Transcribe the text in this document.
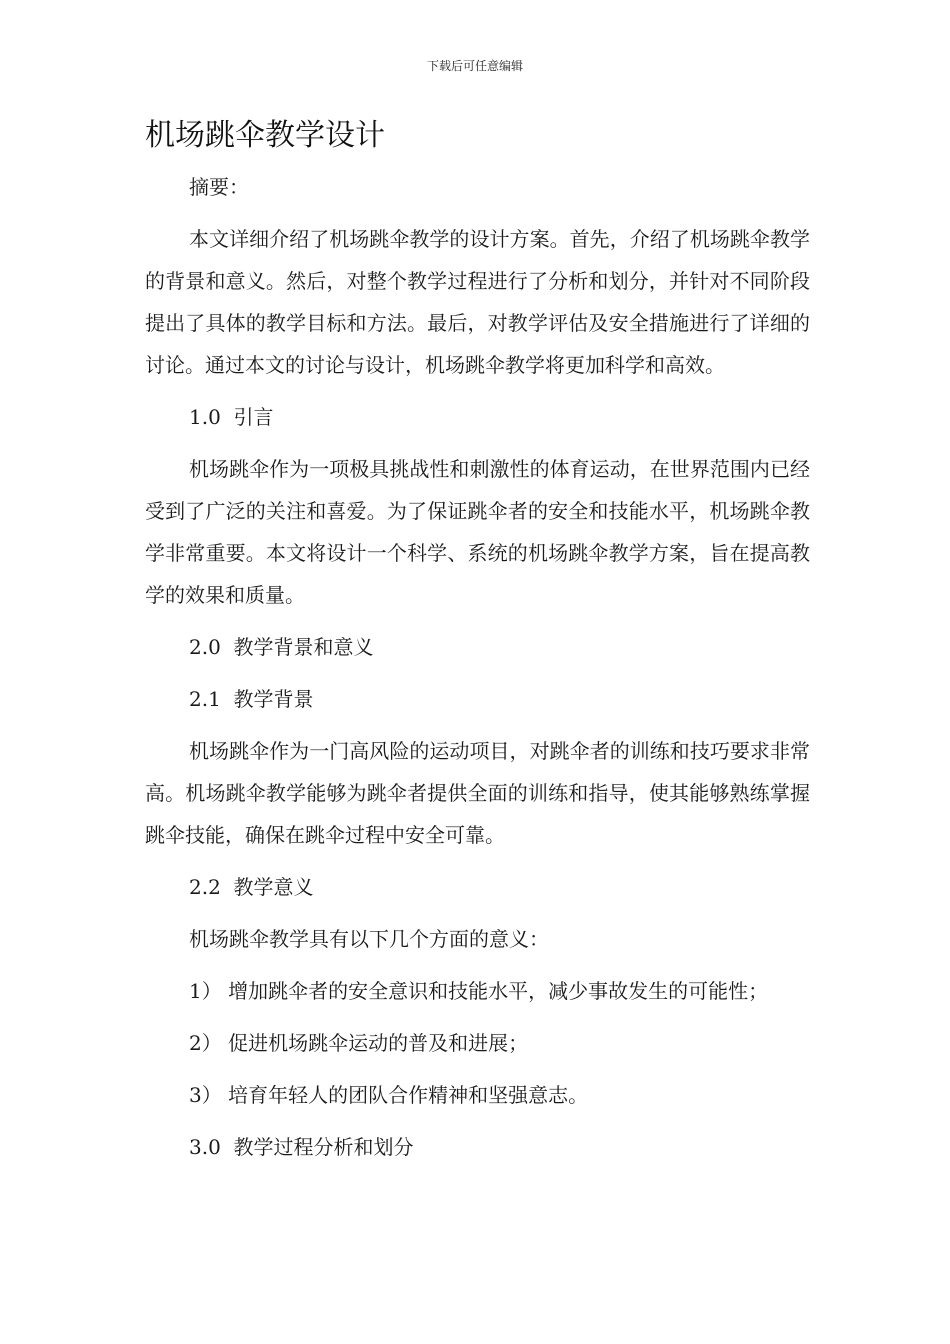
下载后可任意编辑
机场跳伞教学设计

摘要：

本文详细介绍了机场跳伞教学的设计方案。首先，介绍了机场跳伞教学的背景和意义。然后，对整个教学过程进行了分析和划分，并针对不同阶段提出了具体的教学目标和方法。最后，对教学评估及安全措施进行了详细的讨论。通过本文的讨论与设计，机场跳伞教学将更加科学和高效。

1.0  引言

机场跳伞作为一项极具挑战性和刺激性的体育运动，在世界范围内已经受到了广泛的关注和喜爱。为了保证跳伞者的安全和技能水平，机场跳伞教学非常重要。本文将设计一个科学、系统的机场跳伞教学方案，旨在提高教学的效果和质量。

2.0  教学背景和意义

2.1  教学背景

机场跳伞作为一门高风险的运动项目，对跳伞者的训练和技巧要求非常高。机场跳伞教学能够为跳伞者提供全面的训练和指导，使其能够熟练掌握跳伞技能，确保在跳伞过程中安全可靠。

2.2  教学意义

机场跳伞教学具有以下几个方面的意义：

1） 增加跳伞者的安全意识和技能水平，减少事故发生的可能性；

2） 促进机场跳伞运动的普及和进展；

3） 培育年轻人的团队合作精神和坚强意志。

3.0  教学过程分析和划分
